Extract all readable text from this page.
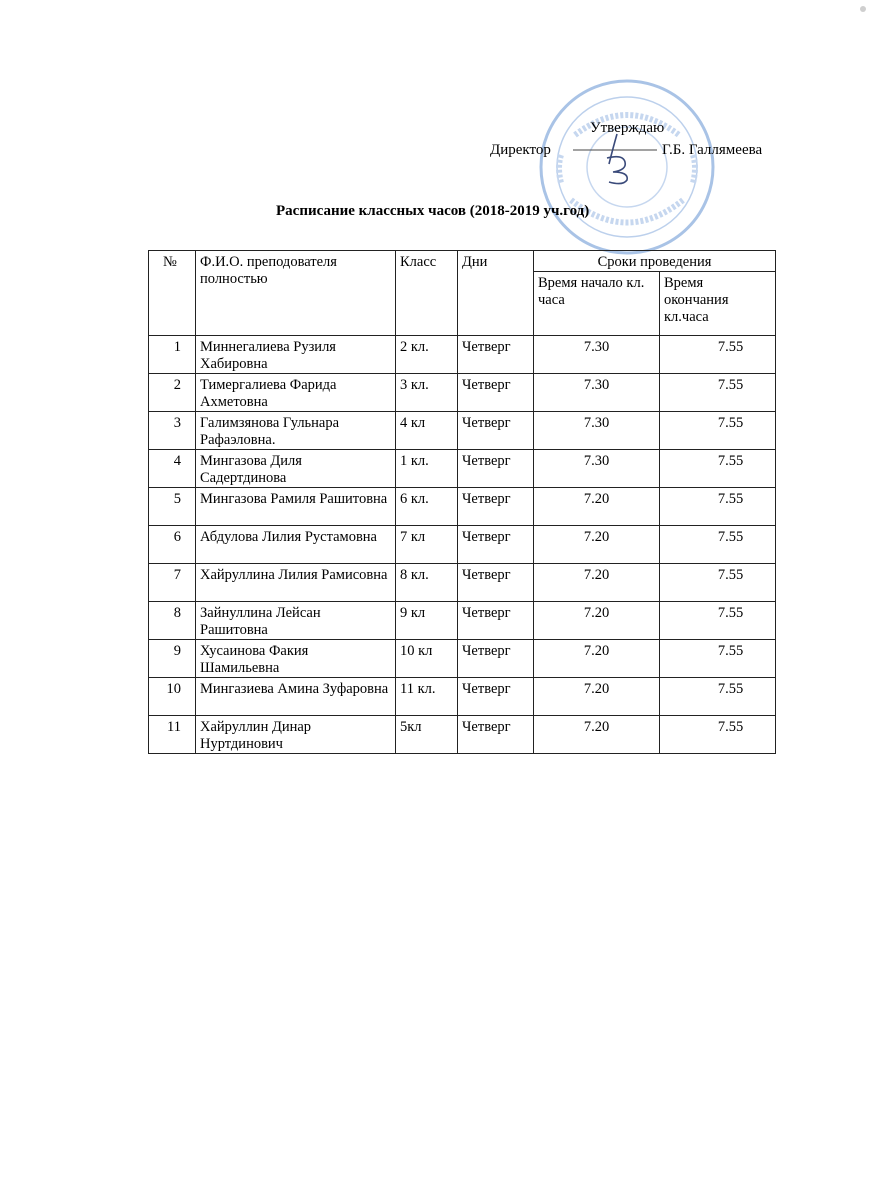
Утверждаю
Директор	Г.Б. Галлямеева
Расписание классных часов (2018-2019 уч.год)
№	Ф.И.О. преподователя полностью	Класс	Дни	Сроки проведения	
				Время начало кл. часа	Время окончания кл.часа
1	Миннегалиева Рузиля Хабировна	2 кл.	Четверг	7.30	7.55
2	Тимергалиева Фарида Ахметовна	3 кл.	Четверг	7.30	7.55
3	Галимзянова Гульнара Рафаэловна.	4 кл	Четверг	7.30	7.55
4	Мингазова Диля Садертдинова	1 кл.	Четверг	7.30	7.55
5	Мингазова Рамиля Рашитовна	6 кл.	Четверг	7.20	7.55
6	Абдулова Лилия Рустамовна	7 кл	Четверг	7.20	7.55
7	Хайруллина Лилия Рамисовна	8 кл.	Четверг	7.20	7.55
8	Зайнуллина Лейсан Рашитовна	9 кл	Четверг	7.20	7.55
9	Хусаинова Факия Шамильевна	10 кл	Четверг	7.20	7.55
10	Мингазиева Амина Зуфаровна	11 кл.	Четверг	7.20	7.55
11	Хайруллин Динар Нуртдинович	5кл	Четверг	7.20	7.55
